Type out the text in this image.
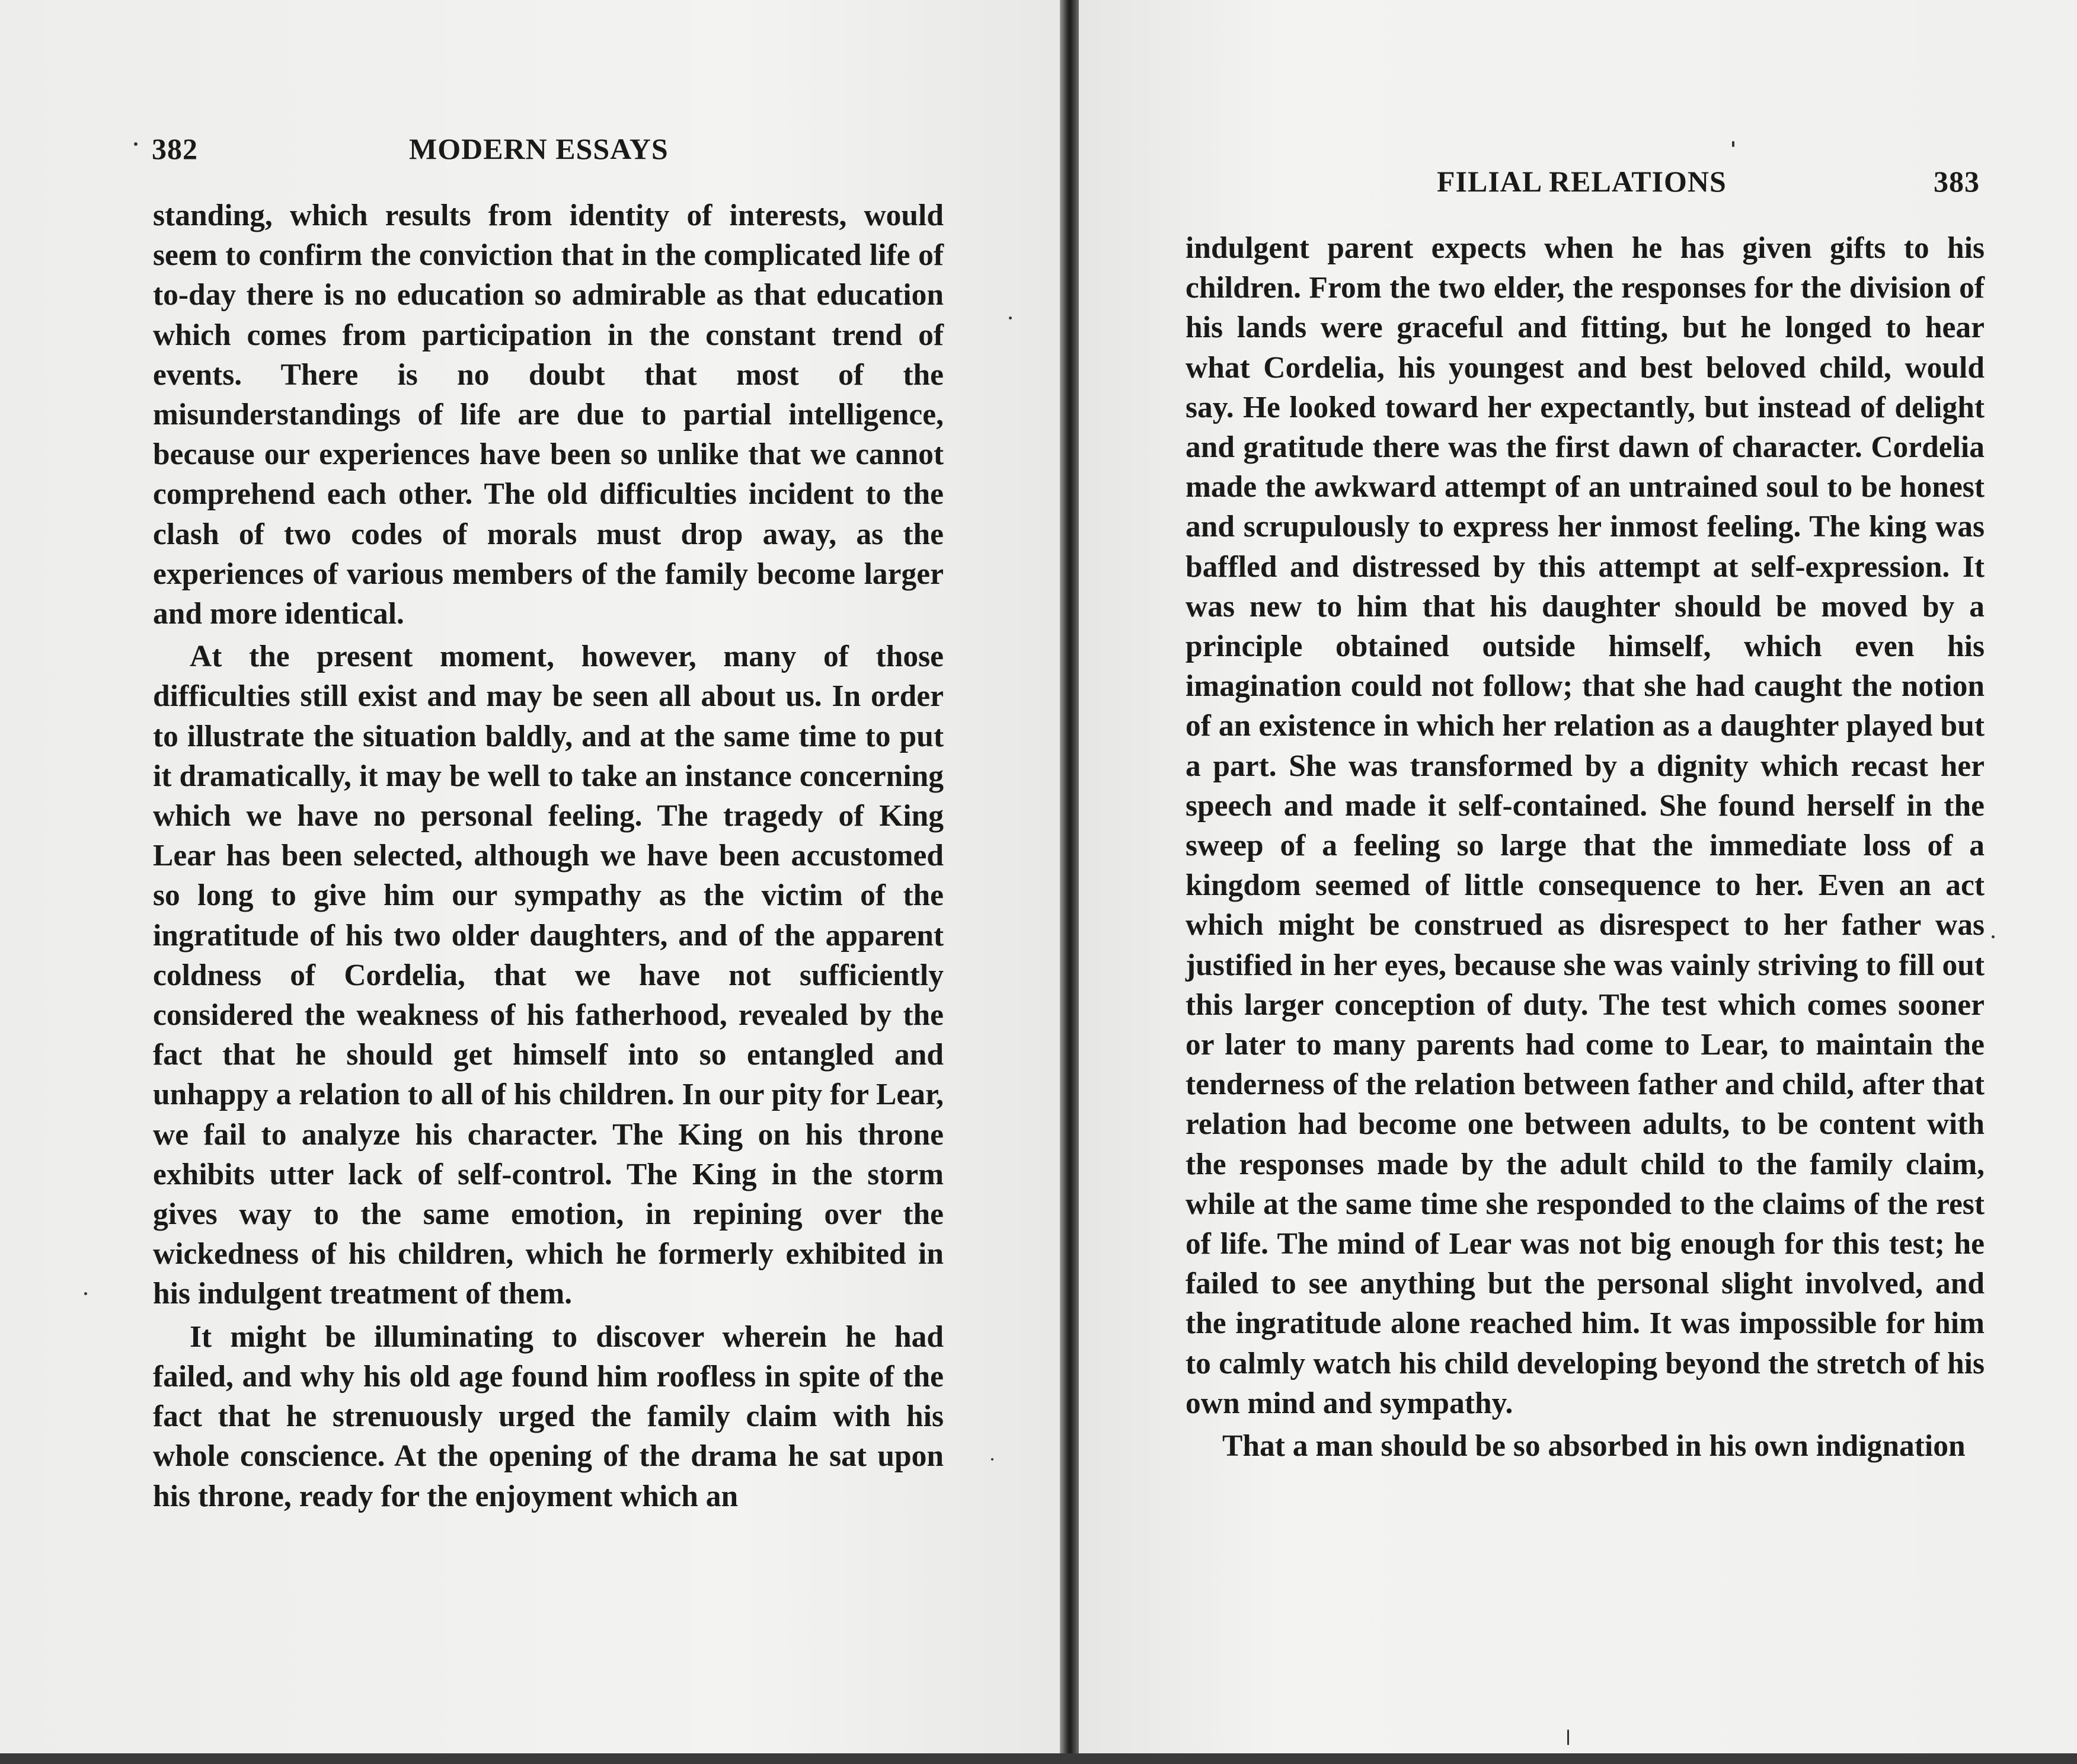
382	MODERN ESSAYS

standing, which results from identity of interests, would seem to confirm the conviction that in the complicated life of to-day there is no education so admirable as that education which comes from participation in the constant trend of events. There is no doubt that most of the misunderstandings of life are due to partial intelligence, because our experiences have been so unlike that we cannot comprehend each other. The old difficulties incident to the clash of two codes of morals must drop away, as the experiences of various members of the family become larger and more identical.

At the present moment, however, many of those difficulties still exist and may be seen all about us. In order to illustrate the situation baldly, and at the same time to put it dramatically, it may be well to take an instance concerning which we have no personal feeling. The tragedy of King Lear has been selected, although we have been accustomed so long to give him our sympathy as the victim of the ingratitude of his two older daughters, and of the apparent coldness of Cordelia, that we have not sufficiently considered the weakness of his fatherhood, revealed by the fact that he should get himself into so entangled and unhappy a relation to all of his children. In our pity for Lear, we fail to analyze his character. The King on his throne exhibits utter lack of self-control. The King in the storm gives way to the same emotion, in repining over the wickedness of his children, which he formerly exhibited in his indulgent treatment of them.

It might be illuminating to discover wherein he had failed, and why his old age found him roofless in spite of the fact that he strenuously urged the family claim with his whole conscience. At the opening of the drama he sat upon his throne, ready for the enjoyment which an

FILIAL RELATIONS	383

indulgent parent expects when he has given gifts to his children. From the two elder, the responses for the division of his lands were graceful and fitting, but he longed to hear what Cordelia, his youngest and best beloved child, would say. He looked toward her expectantly, but instead of delight and gratitude there was the first dawn of character. Cordelia made the awkward attempt of an untrained soul to be honest and scrupulously to express her inmost feeling. The king was baffled and distressed by this attempt at self-expression. It was new to him that his daughter should be moved by a principle obtained outside himself, which even his imagination could not follow; that she had caught the notion of an existence in which her relation as a daughter played but a part. She was transformed by a dignity which recast her speech and made it self-contained. She found herself in the sweep of a feeling so large that the immediate loss of a kingdom seemed of little consequence to her. Even an act which might be construed as disrespect to her father was justified in her eyes, because she was vainly striving to fill out this larger conception of duty. The test which comes sooner or later to many parents had come to Lear, to maintain the tenderness of the relation between father and child, after that relation had become one between adults, to be content with the responses made by the adult child to the family claim, while at the same time she responded to the claims of the rest of life. The mind of Lear was not big enough for this test; he failed to see anything but the personal slight involved, and the ingratitude alone reached him. It was impossible for him to calmly watch his child developing beyond the stretch of his own mind and sympathy.

That a man should be so absorbed in his own indignation
